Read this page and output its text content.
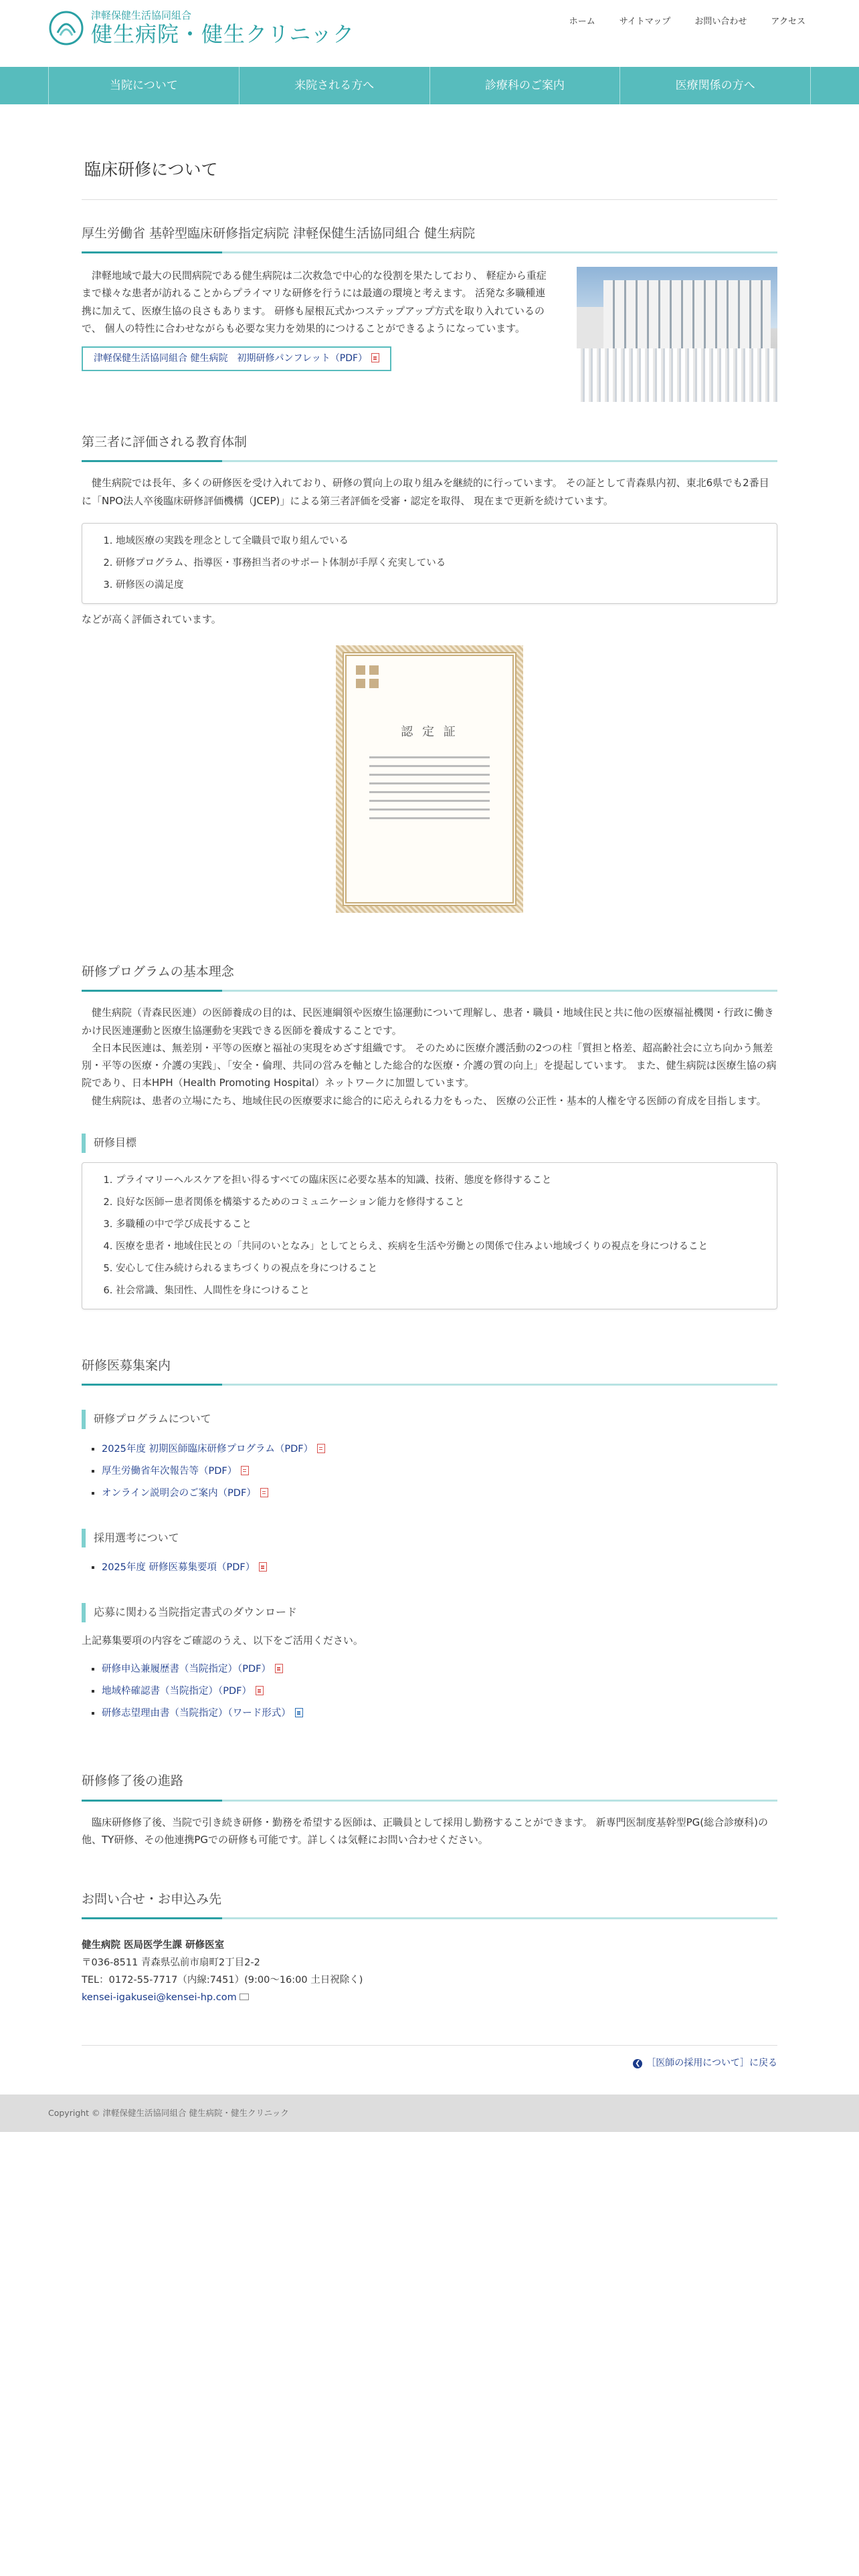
津軽保健生活協同組合
健生病院・健生クリニック	ホーム	サイトマップ	お問い合わせ	アクセス
当院について	来院される方へ	診療科のご案内	医療関係の方へ
臨床研修について
厚生労働省 基幹型臨床研修指定病院 津軽保健生活協同組合 健生病院

津軽地域で最大の民間病院である健生病院は二次救急で中心的な役割を果たしており、 軽症から重症まで様々な患者が訪れることからプライマリな研修を行うには最適の環境と考えます。 活発な多職種連携に加えて、医療生協の良さもあります。 研修も屋根瓦式かつステップアップ方式を取り入れているので、 個人の特性に合わせながらも必要な実力を効果的につけることができるようになっています。

津軽保健生活協同組合 健生病院　初期研修パンフレット（PDF）
第三者に評価される教育体制

健生病院では長年、多くの研修医を受け入れており、研修の質向上の取り組みを継続的に行っています。 その証として青森県内初、東北6県でも2番目に「NPO法人卒後臨床研修評価機構（JCEP)」による第三者評価を受審・認定を取得、 現在まで更新を続けています。

1. 地域医療の実践を理念として全職員で取り組んでいる
2. 研修プログラム、指導医・事務担当者のサポート体制が手厚く充実している
3. 研修医の満足度

などが高く評価されています。

認 定 証
研修プログラムの基本理念

健生病院（青森民医連）の医師養成の目的は、民医連綱領や医療生協運動について理解し、患者・職員・地域住民と共に他の医療福祉機関・行政に働きかけ民医連運動と医療生協運動を実践できる医師を養成することです。

全日本民医連は、無差別・平等の医療と福祉の実現をめざす組織です。 そのために医療介護活動の2つの柱「質担と格差、超高齢社会に立ち向かう無差別・平等の医療・介護の実践」、「安全・倫理、共同の営みを軸とした総合的な医療・介護の質の向上」を提起しています。 また、健生病院は医療生協の病院であり、日本HPH（Health Promoting Hospital）ネットワークに加盟しています。

健生病院は、患者の立場にたち、地域住民の医療要求に総合的に応えられる力をもった、 医療の公正性・基本的人権を守る医師の育成を目指します。

研修目標
1. プライマリーヘルスケアを担い得るすべての臨床医に必要な基本的知識、技術、態度を修得すること
2. 良好な医師ー患者関係を構築するためのコミュニケーション能力を修得すること
3. 多職種の中で学び成長すること
4. 医療を患者・地域住民との「共同のいとなみ」としてとらえ、疾病を生活や労働との関係で住みよい地域づくりの視点を身につけること
5. 安心して住み続けられるまちづくりの視点を身につけること
6. 社会常識、集団性、人間性を身につけること
研修医募集案内
研修プログラムについて
▪ 2025年度 初期医師臨床研修プログラム（PDF）
▪ 厚生労働省年次報告等（PDF）
▪ オンライン説明会のご案内（PDF）
採用選考について
▪ 2025年度 研修医募集要項（PDF）
応募に関わる当院指定書式のダウンロード

上記募集要項の内容をご確認のうえ、以下をご活用ください。

▪ 研修申込兼履歴書（当院指定）（PDF）
▪ 地域枠確認書（当院指定）（PDF）
▪ 研修志望理由書（当院指定）（ワード形式）
研修修了後の進路

臨床研修修了後、当院で引き続き研修・勤務を希望する医師は、正職員として採用し勤務することができます。 新専門医制度基幹型PG(総合診療科)の他、TY研修、その他連携PGでの研修も可能です。詳しくは気軽にお問い合わせください。

お問い合せ・お申込み先
健生病院 医局医学生課 研修医室
〒036-8511 青森県弘前市扇町2丁目2-2
TEL：0172-55-7717（内線:7451）(9:00〜16:00 土日祝除く)
kensei-igakusei@kensei-hp.com
❮ ［医師の採用について］に戻る
Copyright © 津軽保健生活協同組合 健生病院・健生クリニック
